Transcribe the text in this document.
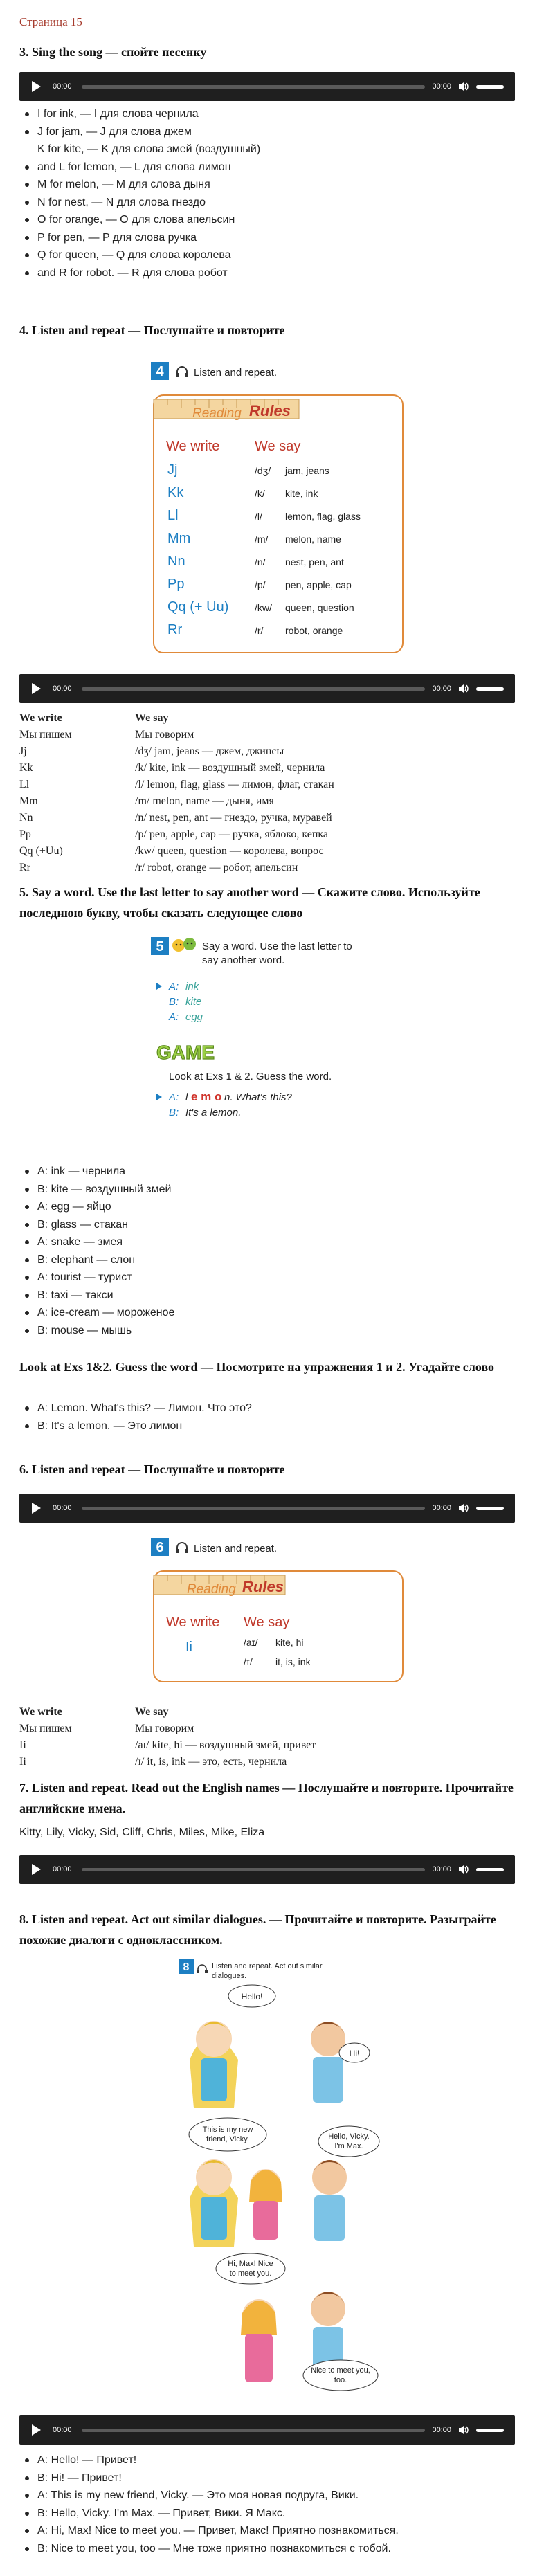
Страница 15
3. Sing the song — спойте песенку
00:00	00:00
I for ink, — I для слова чернила
J for jam, — J для слова джем
K for kite, — K для слова змей (воздушный)
and L for lemon, — L для слова лимон
M for melon, — M для слова дыня
N for nest, — N для слова гнездо
O for orange, — O для слова апельсин
P for pen, — P для слова ручка
Q for queen, — Q для слова королева
and R for robot. — R для слова робот
4. Listen and repeat — Послушайте и повторите
4	Listen and repeat.
Reading Rules
We write	We say
Jj	/dʒ/ jam, jeans
Kk	/k/ kite, ink
Ll	/l/ lemon, flag, glass
Mm	/m/ melon, name
Nn	/n/ nest, pen, ant
Pp	/p/ pen, apple, cap
Qq (+ Uu)	/kw/ queen, question
Rr	/r/ robot, orange
00:00	00:00
We write	We say
Мы пишем	Мы говорим
Jj	/dʒ/ jam, jeans — джем, джинсы
Kk	/k/ kite, ink — воздушный змей, чернила
Ll	/l/ lemon, flag, glass — лимон, флаг, стакан
Mm	/m/ melon, name — дыня, имя
Nn	/n/ nest, pen, ant — гнездо, ручка, муравей
Pp	/p/ pen, apple, cap — ручка, яблоко, кепка
Qq (+Uu)	/kw/ queen, question — королева, вопрос
Rr	/r/ robot, orange — робот, апельсин
5. Say a word. Use the last letter to say another word — Скажите слово. Используйте последнюю букву, чтобы сказать следующее слово
5	Say a word. Use the last letter to
say another word.
A: ink
B: kite
A: egg
GAME
Look at Exs 1 & 2. Guess the word.
A: l e m o n. What's this?
B: It's a lemon.
A: ink — чернила
B: kite — воздушный змей
A: egg — яйцо
B: glass — стакан
A: snake — змея
B: elephant — слон
A: tourist — турист
B: taxi — такси
A: ice-cream — мороженое
B: mouse — мышь
Look at Exs 1&2. Guess the word — Посмотрите на упражнения 1 и 2. Угадайте слово
A: Lemon. What's this? — Лимон. Что это?
B: It's a lemon. — Это лимон
6. Listen and repeat — Послушайте и повторите
00:00	00:00
6	Listen and repeat.
Reading Rules
We write We say
Ii	/aɪ/ kite, hi
/ɪ/ it, is, ink
We write	We say
Мы пишем	Мы говорим
Ii	/aɪ/ kite, hi — воздушный змей, привет
Ii	/ɪ/ it, is, ink — это, есть, чернила
7. Listen and repeat. Read out the English names — Послушайте и повторите. Прочитайте английские имена.

Kitty, Lily, Vicky, Sid, Cliff, Chris, Miles, Mike, Eliza

00:00	00:00
8. Listen and repeat. Act out similar dialogues. — Прочитайте и повторите. Разыграйте похожие диалоги с одноклассником.
8	Listen and repeat. Act out similar
dialogues.
Hello!
Hi!
This is my new
friend, Vicky.	Hello, Vicky.
I'm Max.
Hi, Max! Nice
to meet you.
Nice to meet you,
too.
00:00	00:00
A: Hello! — Привет!
B: Hi! — Привет!
A: This is my new friend, Vicky. — Это моя новая подруга, Вики.
B: Hello, Vicky. I'm Max. — Привет, Вики. Я Макс.
A: Hi, Max! Nice to meet you. — Привет, Макс! Приятно познакомиться.
B: Nice to meet you, too — Мне тоже приятно познакомиться с тобой.
